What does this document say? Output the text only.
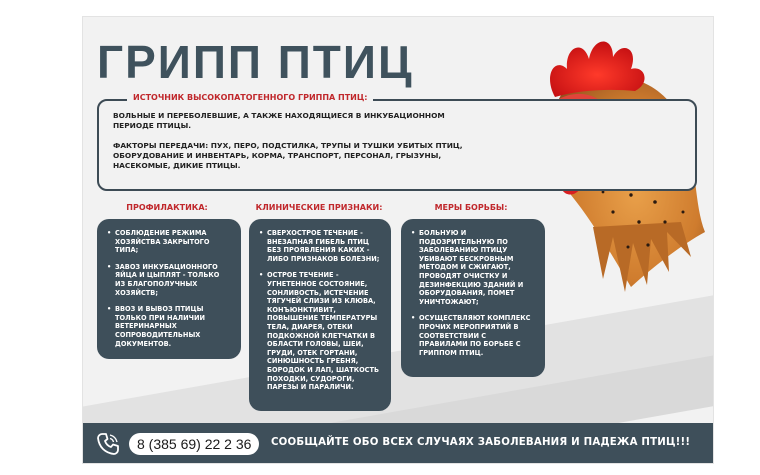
ГРИПП ПТИЦ
ИСТОЧНИК ВЫСОКОПАТОГЕННОГО ГРИППА ПТИЦ:
ВОЛЬНЫЕ И ПЕРЕБОЛЕВШИЕ, А ТАКЖЕ НАХОДЯЩИЕСЯ В ИНКУБАЦИОННОМ ПЕРИОДЕ ПТИЦЫ.
ФАКТОРЫ ПЕРЕДАЧИ: ПУХ, ПЕРО, ПОДСТИЛКА, ТРУПЫ И ТУШКИ УБИТЫХ ПТИЦ, ОБОРУДОВАНИЕ И ИНВЕНТАРЬ, КОРМА, ТРАНСПОРТ, ПЕРСОНАЛ, ГРЫЗУНЫ, НАСЕКОМЫЕ, ДИКИЕ ПТИЦЫ.
ПРОФИЛАКТИКА:
• СОБЛЮДЕНИЕ РЕЖИМА ХОЗЯЙСТВА ЗАКРЫТОГО ТИПА;
• ЗАВОЗ ИНКУБАЦИОННОГО ЯЙЦА И ЦЫПЛЯТ - ТОЛЬКО ИЗ БЛАГОПОЛУЧНЫХ ХОЗЯЙСТВ;
• ВВОЗ И ВЫВОЗ ПТИЦЫ ТОЛЬКО ПРИ НАЛИЧИИ ВЕТЕРИНАРНЫХ СОПРОВОДИТЕЛЬНЫХ ДОКУМЕНТОВ.
КЛИНИЧЕСКИЕ ПРИЗНАКИ:
• СВЕРХОСТРОЕ ТЕЧЕНИЕ - ВНЕЗАПНАЯ ГИБЕЛЬ ПТИЦ БЕЗ ПРОЯВЛЕНИЯ КАКИХ - ЛИБО ПРИЗНАКОВ БОЛЕЗНИ;
• ОСТРОЕ ТЕЧЕНИЕ - УГНЕТЕННОЕ СОСТОЯНИЕ, СОНЛИВОСТЬ, ИСТЕЧЕНИЕ ТЯГУЧЕЙ СЛИЗИ ИЗ КЛЮВА, КОНЪЮНКТИВИТ, ПОВЫШЕНИЕ ТЕМПЕРАТУРЫ ТЕЛА, ДИАРЕЯ, ОТЕКИ ПОДКОЖНОЙ КЛЕТЧАТКИ В ОБЛАСТИ ГОЛОВЫ, ШЕИ, ГРУДИ, ОТЕК ГОРТАНИ, СИНЮШНОСТЬ ГРЕБНЯ, БОРОДОК И ЛАП, ШАТКОСТЬ ПОХОДКИ, СУДОРОГИ, ПАРЕЗЫ И ПАРАЛИЧИ.
МЕРЫ БОРЬБЫ:
• БОЛЬНУЮ И ПОДОЗРИТЕЛЬНУЮ ПО ЗАБОЛЕВАНИЮ ПТИЦУ УБИВАЮТ БЕСКРОВНЫМ МЕТОДОМ И СЖИГАЮТ, ПРОВОДЯТ ОЧИСТКУ И ДЕЗИНФЕКЦИЮ ЗДАНИЙ И ОБОРУДОВАНИЯ, ПОМЕТ УНИЧТОЖАЮТ;
• ОСУЩЕСТВЛЯЮТ КОМПЛЕКС ПРОЧИХ МЕРОПРИЯТИЙ В СООТВЕТСТВИИ С ПРАВИЛАМИ ПО БОРЬБЕ С ГРИППОМ ПТИЦ.
8 (385 69) 22 2 36	СООБЩАЙТЕ ОБО ВСЕХ СЛУЧАЯХ ЗАБОЛЕВАНИЯ И ПАДЕЖА ПТИЦ!!!
